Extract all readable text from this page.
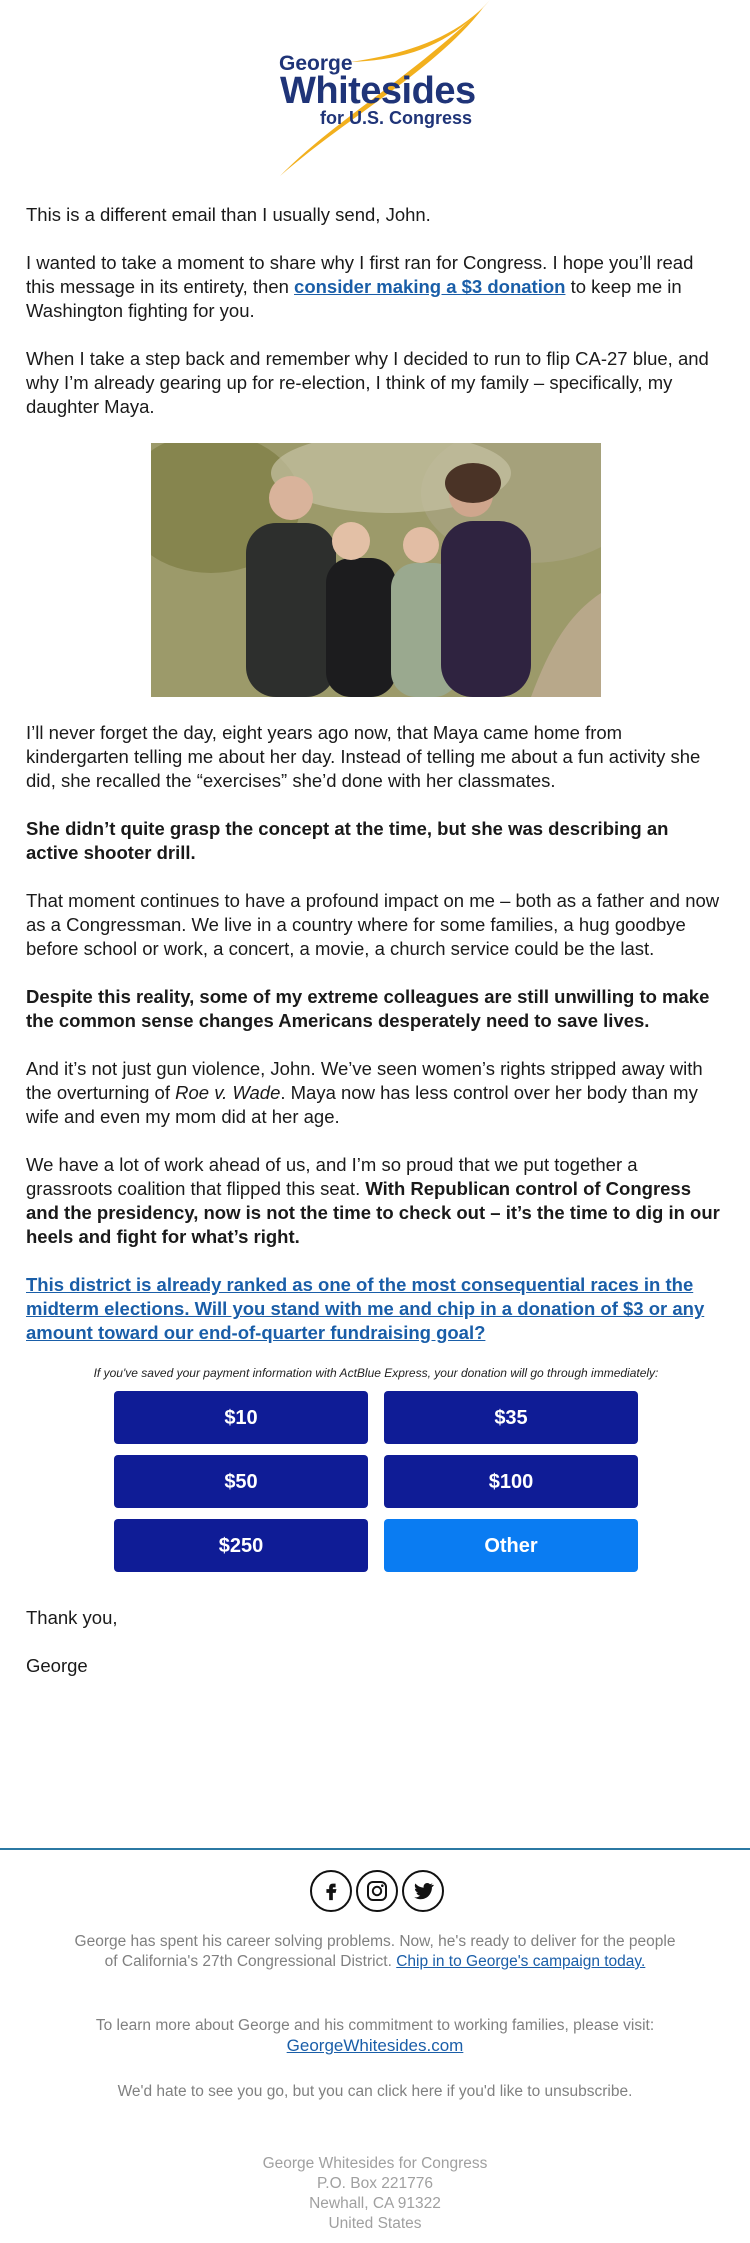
George
Whitesides
for U.S. Congress

This is a different email than I usually send, John.

I wanted to take a moment to share why I first ran for Congress. I hope you’ll read this message in its entirety, then consider making a $3 donation to keep me in Washington fighting for you.

When I take a step back and remember why I decided to run to flip CA-27 blue, and why I’m already gearing up for re-election, I think of my family – specifically, my daughter Maya.

I’ll never forget the day, eight years ago now, that Maya came home from kindergarten telling me about her day. Instead of telling me about a fun activity she did, she recalled the “exercises” she’d done with her classmates.

She didn’t quite grasp the concept at the time, but she was describing an active shooter drill.

That moment continues to have a profound impact on me – both as a father and now as a Congressman. We live in a country where for some families, a hug goodbye before school or work, a concert, a movie, a church service could be the last.

Despite this reality, some of my extreme colleagues are still unwilling to make the common sense changes Americans desperately need to save lives.

And it’s not just gun violence, John. We’ve seen women’s rights stripped away with the overturning of Roe v. Wade. Maya now has less control over her body than my wife and even my mom did at her age.

We have a lot of work ahead of us, and I’m so proud that we put together a grassroots coalition that flipped this seat. With Republican control of Congress and the presidency, now is not the time to check out – it’s the time to dig in our heels and fight for what’s right.

This district is already ranked as one of the most consequential races in the midterm elections. Will you stand with me and chip in a donation of $3 or any amount toward our end-of-quarter fundraising goal?

If you've saved your payment information with ActBlue Express, your donation will go through immediately:
$10	$35
$50	$100
$250	Other

Thank you,

George

George has spent his career solving problems. Now, he's ready to deliver for the people of California's 27th Congressional District. Chip in to George's campaign today.
To learn more about George and his commitment to working families, please visit:
GeorgeWhitesides.com
We'd hate to see you go, but you can click here if you'd like to unsubscribe.
George Whitesides for Congress
P.O. Box 221776
Newhall, CA 91322
United States
